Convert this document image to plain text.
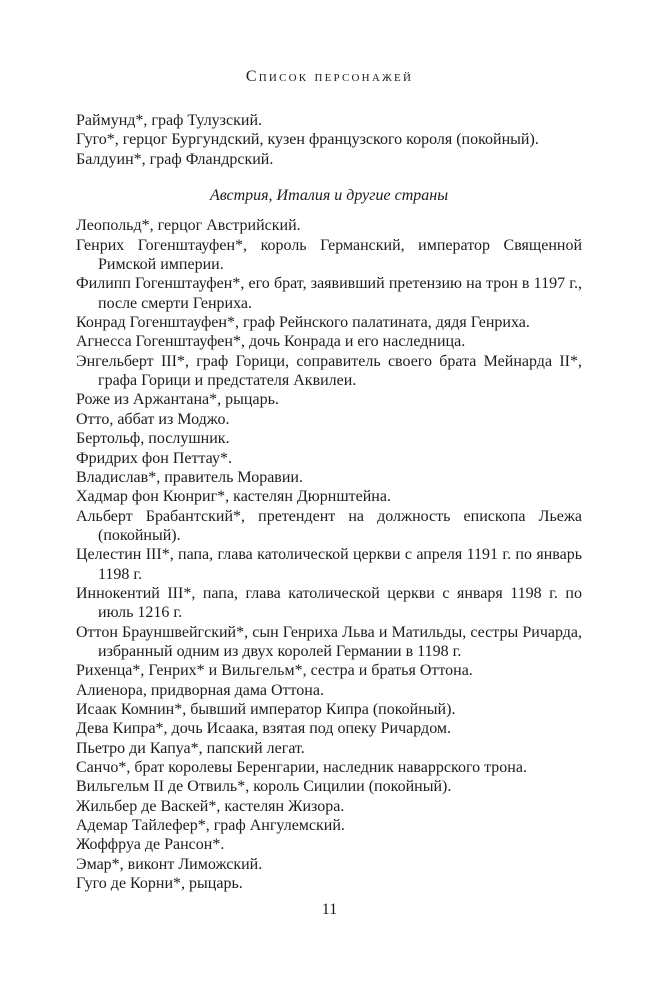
Список персонажей

Раймунд*, граф Тулузский.

Гуго*, герцог Бургундский, кузен французского короля (покойный).

Балдуин*, граф Фландрский.

Австрия, Италия и другие страны

Леопольд*, герцог Австрийский.

Генрих Гогенштауфен*, король Германский, император Священной Римской империи.

Филипп Гогенштауфен*, его брат, заявивший претензию на трон в 1197 г., после смерти Генриха.

Конрад Гогенштауфен*, граф Рейнского палатината, дядя Генриха.

Агнесса Гогенштауфен*, дочь Конрада и его наследница.

Энгельберт III*, граф Горици, соправитель своего брата Мейнарда II*, графа Горици и предстателя Аквилеи.

Роже из Аржантана*, рыцарь.

Отто, аббат из Моджо.

Бертольф, послушник.

Фридрих фон Петтау*.

Владислав*, правитель Моравии.

Хадмар фон Кюнриг*, кастелян Дюрнштейна.

Альберт Брабантский*, претендент на должность епископа Льежа (покойный).

Целестин III*, папа, глава католической церкви с апреля 1191 г. по январь 1198 г.

Иннокентий III*, папа, глава католической церкви с января 1198 г. по июль 1216 г.

Оттон Брауншвейгский*, сын Генриха Льва и Матильды, сестры Ричарда, избранный одним из двух королей Германии в 1198 г.

Рихенца*, Генрих* и Вильгельм*, сестра и братья Оттона.

Алиенора, придворная дама Оттона.

Исаак Комнин*, бывший император Кипра (покойный).

Дева Кипра*, дочь Исаака, взятая под опеку Ричардом.

Пьетро ди Капуа*, папский легат.

Санчо*, брат королевы Беренгарии, наследник наваррского трона.

Вильгельм II де Отвиль*, король Сицилии (покойный).

Жильбер де Васкей*, кастелян Жизора.

Адемар Тайлефер*, граф Ангулемский.

Жоффруа де Рансон*.

Эмар*, виконт Лиможский.

Гуго де Корни*, рыцарь.

11
